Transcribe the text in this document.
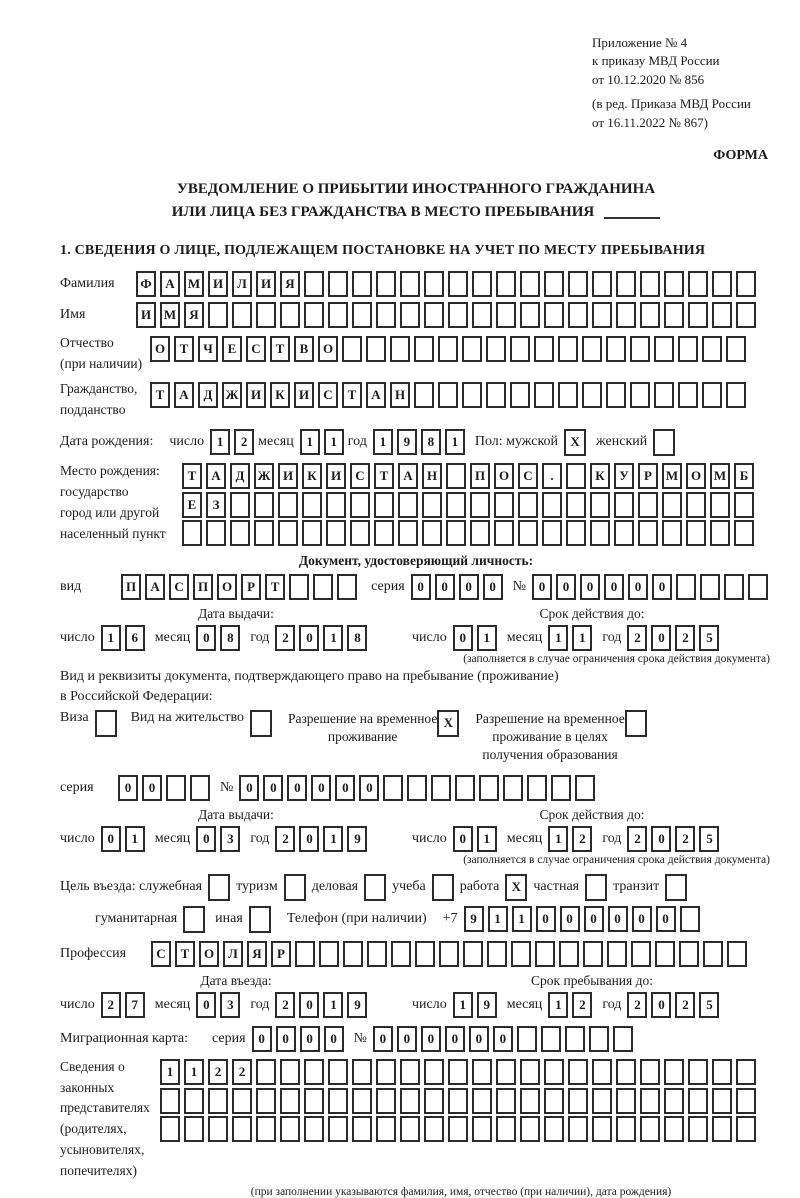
Приложение № 4
к приказу МВД России
от 10.12.2020 № 856
(в ред. Приказа МВД России
от 16.11.2022 № 867)
ФОРМА
УВЕДОМЛЕНИЕ О ПРИБЫТИИ ИНОСТРАННОГО ГРАЖДАНИНА
ИЛИ ЛИЦА БЕЗ ГРАЖДАНСТВА В МЕСТО ПРЕБЫВАНИЯ
1. СВЕДЕНИЯ О ЛИЦЕ, ПОДЛЕЖАЩЕМ ПОСТАНОВКЕ НА УЧЕТ ПО МЕСТУ ПРЕБЫВАНИЯ
Фамилия	Ф	А	М И	Л	И	Я

Имя	И М	Я

Отчество
(при наличии)
О	Т	Ч	Е	С	Т	В	О

Гражданство,
подданство
Т	А	Д	Ж И	К	И	С	Т	А	Н

Дата рождения: число 1	2 месяц 1	1 год 1	9	8	1	Пол: мужской X	женский

Место рождения:
государство
город или другой
населенный пункт
Т	А	Д	Ж И	К	И	С	Т	А	Н
	П	О	С	.
	К	У	Р	М О М	Б
Е	З

Документ, удостоверяющий личность:
вид	П	А	С	П	О	Р	Т

	серия 0	0	0	0	№ 0	0	0	0	0	0

Дата выдачи:
число 1	6	месяц 0	8	год 2	0	1	8
Срок действия до:
число 0	1	месяц 1	1	год 2	0	2	5
(заполняется в случае ограничения срока действия документа)
Вид и реквизиты документа, подтверждающего право на пребывание (проживание)
в Российской Федерации:
Виза
	Вид на жительство
	Разрешение на временное
проживание
X	Разрешение на временное
проживание в целях
получения образования

серия	0	0

	№ 0	0	0	0	0	0

Дата выдачи:
число 0	1	месяц 0	3	год 2	0	1	9
Срок действия до:
число 0	1	месяц 1	2	год 2	0	2	5
(заполняется в случае ограничения срока действия документа)
Цель въезда: служебная
туризм
деловая
учеба
работа X частная
транзит

гуманитарная
	иная
	Телефон (при наличии) +7 9	1	1	0	0	0	0	0	0

Профессия	С	Т	О	Л	Я	Р

Дата въезда:
число 2	7	месяц 0	3	год 2	0	1	9
Срок пребывания до:
число 1	9	месяц 1	2	год 2	0	2	5
Миграционная карта: серия 0	0	0	0	№ 0	0	0	0	0	0

Сведения о
законных
представителях
(родителях,
усыновителях,
попечителях)
1	1	2	2

(при заполнении указываются фамилия, имя, отчество (при наличии), дата рождения)
